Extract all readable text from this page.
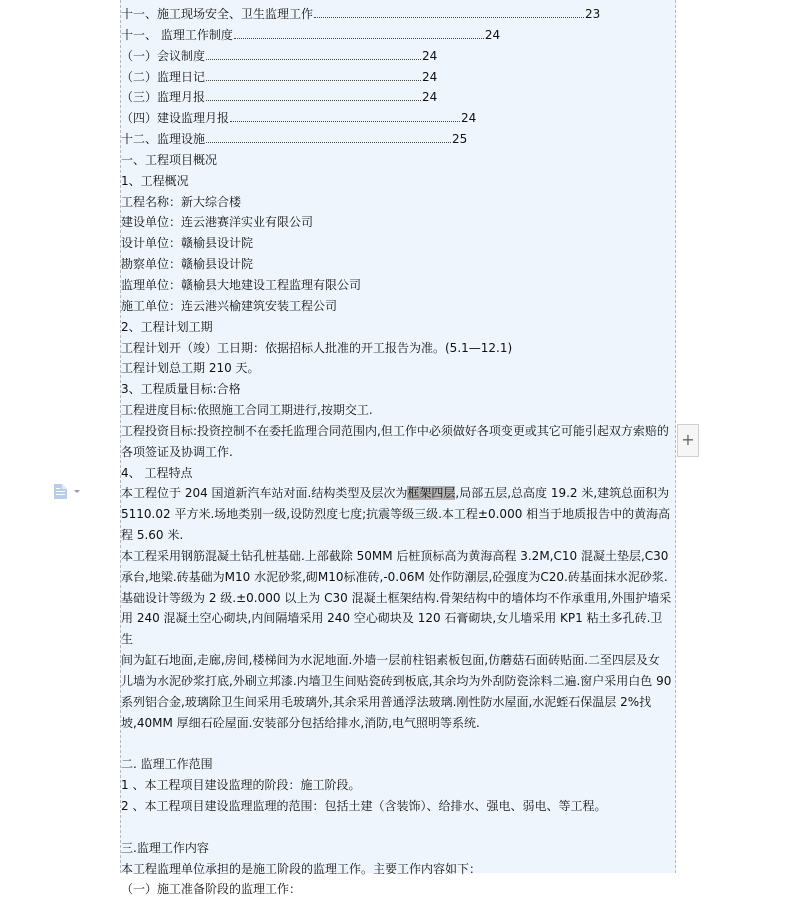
十一、施工现场安全、卫生监理工作	23
十一、 监理工作制度	24
（一）会议制度	24
（二）监理日记	24
（三）监理月报	24
（四）建设监理月报	24
十二、监理设施	25
一、工程项目概况
1、工程概况
工程名称：新大综合楼
建设单位：连云港赛洋实业有限公司
设计单位：赣榆县设计院
勘察单位：赣榆县设计院
监理单位：赣榆县大地建设工程监理有限公司
施工单位：连云港兴榆建筑安装工程公司
2、工程计划工期
工程计划开（竣）工日期：依据招标人批准的开工报告为准。(5.1—12.1)
工程计划总工期 210 天。
3、工程质量目标:合格
工程进度目标:依照施工合同工期进行,按期交工.
工程投资目标:投资控制不在委托监理合同范围内,但工作中必须做好各项变更或其它可能引起双方索赔的
各项签证及协调工作.
4、 工程特点
本工程位于 204 国道新汽车站对面.结构类型及层次为框架四层,局部五层,总高度 19.2 米,建筑总面积为
5110.02 平方米.场地类别一级,设防烈度七度;抗震等级三级.本工程±0.000 相当于地质报告中的黄海高
程 5.60 米.
本工程采用钢筋混凝土钻孔桩基础.上部截除 50MM 后桩顶标高为黄海高程 3.2M,C10 混凝土垫层,C30
承台,地梁.砖基础为M10 水泥砂浆,砌M10标准砖,-0.06M 处作防潮层,砼强度为C20.砖基面抹水泥砂浆.
基础设计等级为 2 级.±0.000 以上为 C30 混凝土框架结构.骨架结构中的墙体均不作承重用,外围护墙采
用 240 混凝土空心砌块,内间隔墙采用 240 空心砌块及 120 石膏砌块,女儿墙采用 KP1 粘土多孔砖.卫生
间为缸石地面,走廊,房间,楼梯间为水泥地面.外墙一层前柱铝素板包面,仿蘑菇石面砖贴面.二至四层及女
儿墙为水泥砂浆打底,外刷立邦漆.内墙卫生间贴瓷砖到板底,其余均为外刮防瓷涂料二遍.窗户采用白色 90
系列铝合金,玻璃除卫生间采用毛玻璃外,其余采用普通浮法玻璃.刚性防水屋面,水泥蛭石保温层 2%找
坡,40MM 厚细石砼屋面.安装部分包括给排水,消防,电气照明等系统.
二. 监理工作范围
1 、本工程项目建设监理的阶段：施工阶段。
2 、本工程项目建设监理监理的范围：包括土建（含装饰）、给排水、强电、弱电、等工程。
三.监理工作内容
本工程监理单位承担的是施工阶段的监理工作。主要工作内容如下：
（一）施工准备阶段的监理工作：
+
